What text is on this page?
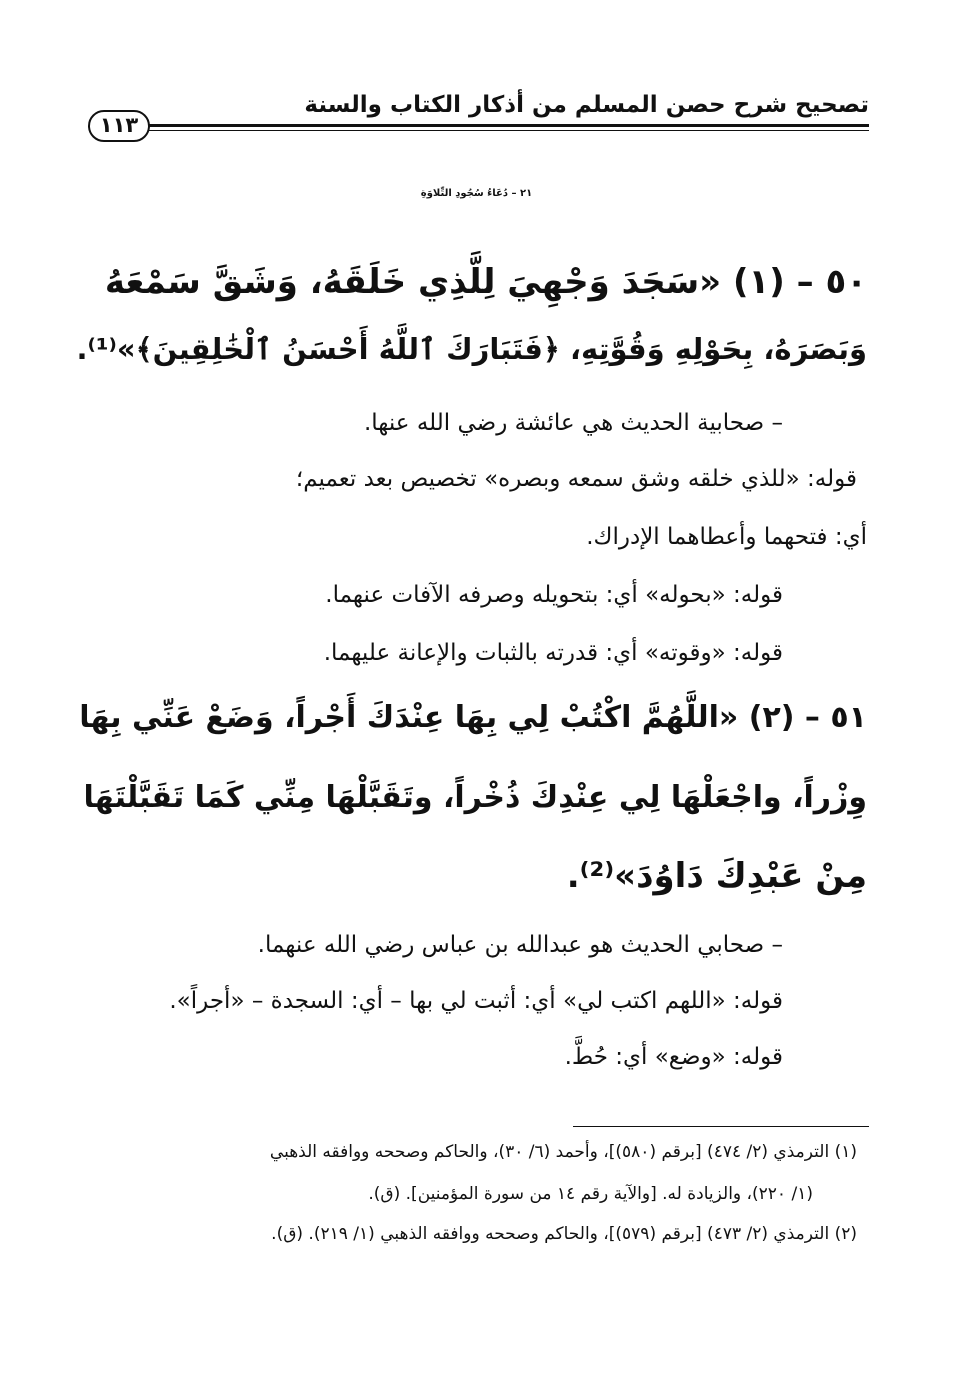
تصحيح شرح حصن المسلم من أذكار الكتاب والسنة
١١٣
٢١ – دُعَاءُ سُجُودِ التِّلاوَةِ
٥٠ – (١) «سَجَدَ وَجْهِيَ لِلَّذِي خَلَقَهُ، وَشَقَّ سَمْعَهُ
وَبَصَرَهُ، بِحَوْلِهِ وَقُوَّتِهِ، ﴿فَتَبَارَكَ ٱللَّهُ أَحْسَنُ ٱلْخَٰلِقِينَ﴾»⁽¹⁾.
– صحابية الحديث هي عائشة رضي الله عنها.
قوله: «للذي خلقه وشق سمعه وبصره» تخصيص بعد تعميم؛
أي: فتحهما وأعطاهما الإدراك.
قوله: «بحوله» أي: بتحويله وصرفه الآفات عنهما.
قوله: «وقوته» أي: قدرته بالثبات والإعانة عليهما.
٥١ – (٢) «اللَّهُمَّ اكْتُبْ لِي بِهَا عِنْدَكَ أَجْراً، وَضَعْ عَنِّي بِهَا
وِزْراً، واجْعَلْهَا لِي عِنْدِكَ ذُخْراً، وتَقَبَّلْهَا مِنِّي كَمَا تَقَبَّلْتَهَا
مِنْ عَبْدِكَ دَاوُدَ»⁽²⁾.
– صحابي الحديث هو عبدالله بن عباس رضي الله عنهما.
قوله: «اللهم اكتب لي» أي: أثبت لي بها – أي: السجدة – «أجراً».
قوله: «وضع» أي: حُطَّ.
(١) الترمذي (٢/ ٤٧٤) [برقم (٥٨٠)]، وأحمد (٦/ ٣٠)، والحاكم وصححه ووافقه الذهبي
(١/ ٢٢٠)، والزيادة له. [والآية رقم ١٤ من سورة المؤمنين]. (ق).
(٢) الترمذي (٢/ ٤٧٣) [برقم (٥٧٩)]، والحاكم وصححه ووافقه الذهبي (١/ ٢١٩). (ق).
